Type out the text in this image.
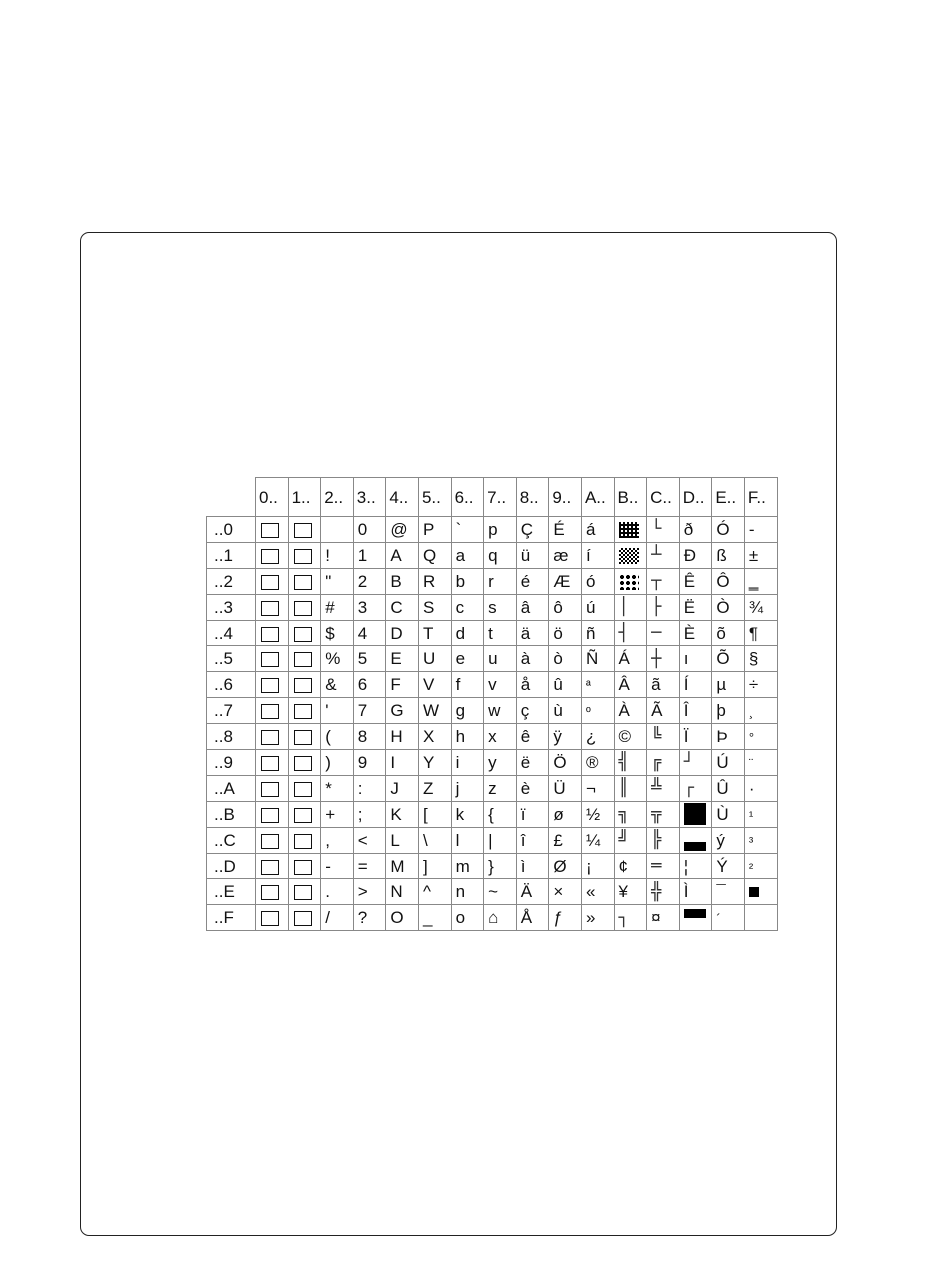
	0..	1..	2..	3..	4..	5..	6..	7..	8..	9..	A..	B..	C..	D..	E..	F..
..0				0	@	P	`	p	Ç	É	á		└	ð	Ó	-
..1			!	1	A	Q	a	q	ü	æ	í		┴	Đ	ß	±
..2			"	2	B	R	b	r	é	Æ	ó		┬	Ê	Ô	‗
..3			#	3	C	S	c	s	â	ô	ú	│	├	Ë	Ò	¾
..4			$	4	D	T	d	t	ä	ö	ñ	┤	─	È	õ	¶
..5			%	5	E	U	e	u	à	ò	Ñ	Á	┼	ı	Õ	§
..6			&	6	F	V	f	v	å	û	ª	Â	ã	Í	µ	÷
..7			'	7	G	W	g	w	ç	ù	º	À	Ã	Î	þ	¸
..8			(	8	H	X	h	x	ê	ÿ	¿	©	╚	Ï	Þ	°
..9			)	9	I	Y	i	y	ë	Ö	®	╣	╔	┘	Ú	¨
..A			*	:	J	Z	j	z	è	Ü	¬	║	╩	┌	Û	·
..B			+	;	K	[	k	{	ï	ø	½	╗	╦		Ù	¹
..C			,	<	L	\	l	|	î	£	¼	╝	╠		ý	³
..D			-	=	M	]	m	}	ì	Ø	¡	¢	═	¦	Ý	²
..E			.	>	N	^	n	~	Ä	×	«	¥	╬	Ì	¯	
..F			/	?	O	_	o	⌂	Å	ƒ	»	┐	¤		´	
